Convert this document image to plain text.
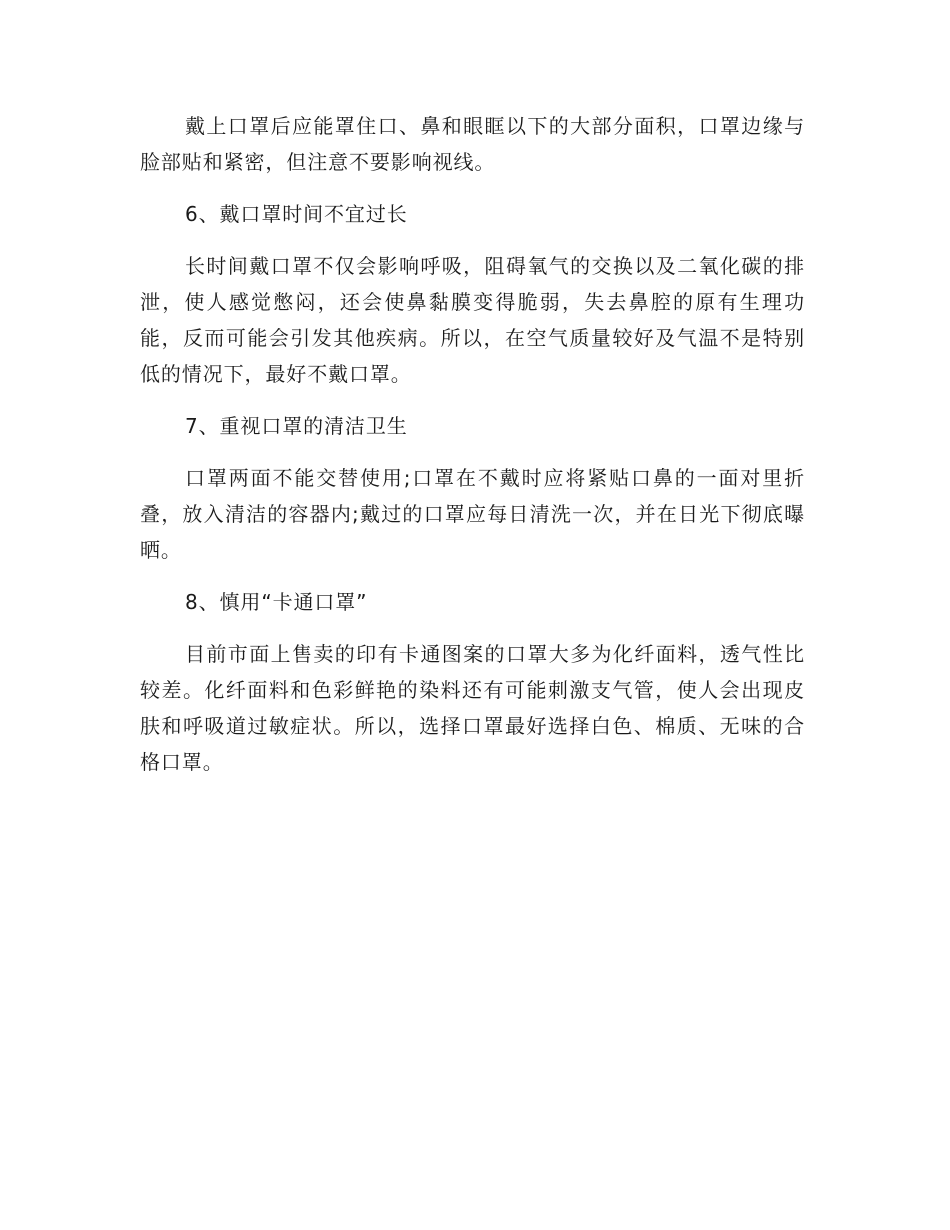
戴上口罩后应能罩住口、鼻和眼眶以下的大部分面积，口罩边缘与脸部贴和紧密，但注意不要影响视线。

6、戴口罩时间不宜过长

长时间戴口罩不仅会影响呼吸，阻碍氧气的交换以及二氧化碳的排泄，使人感觉憋闷，还会使鼻黏膜变得脆弱，失去鼻腔的原有生理功能，反而可能会引发其他疾病。所以，在空气质量较好及气温不是特别低的情况下，最好不戴口罩。

7、重视口罩的清洁卫生

口罩两面不能交替使用;口罩在不戴时应将紧贴口鼻的一面对里折叠，放入清洁的容器内;戴过的口罩应每日清洗一次，并在日光下彻底曝晒。

8、慎用“卡通口罩”

目前市面上售卖的印有卡通图案的口罩大多为化纤面料，透气性比较差。化纤面料和色彩鲜艳的染料还有可能刺激支气管，使人会出现皮肤和呼吸道过敏症状。所以，选择口罩最好选择白色、棉质、无味的合格口罩。
